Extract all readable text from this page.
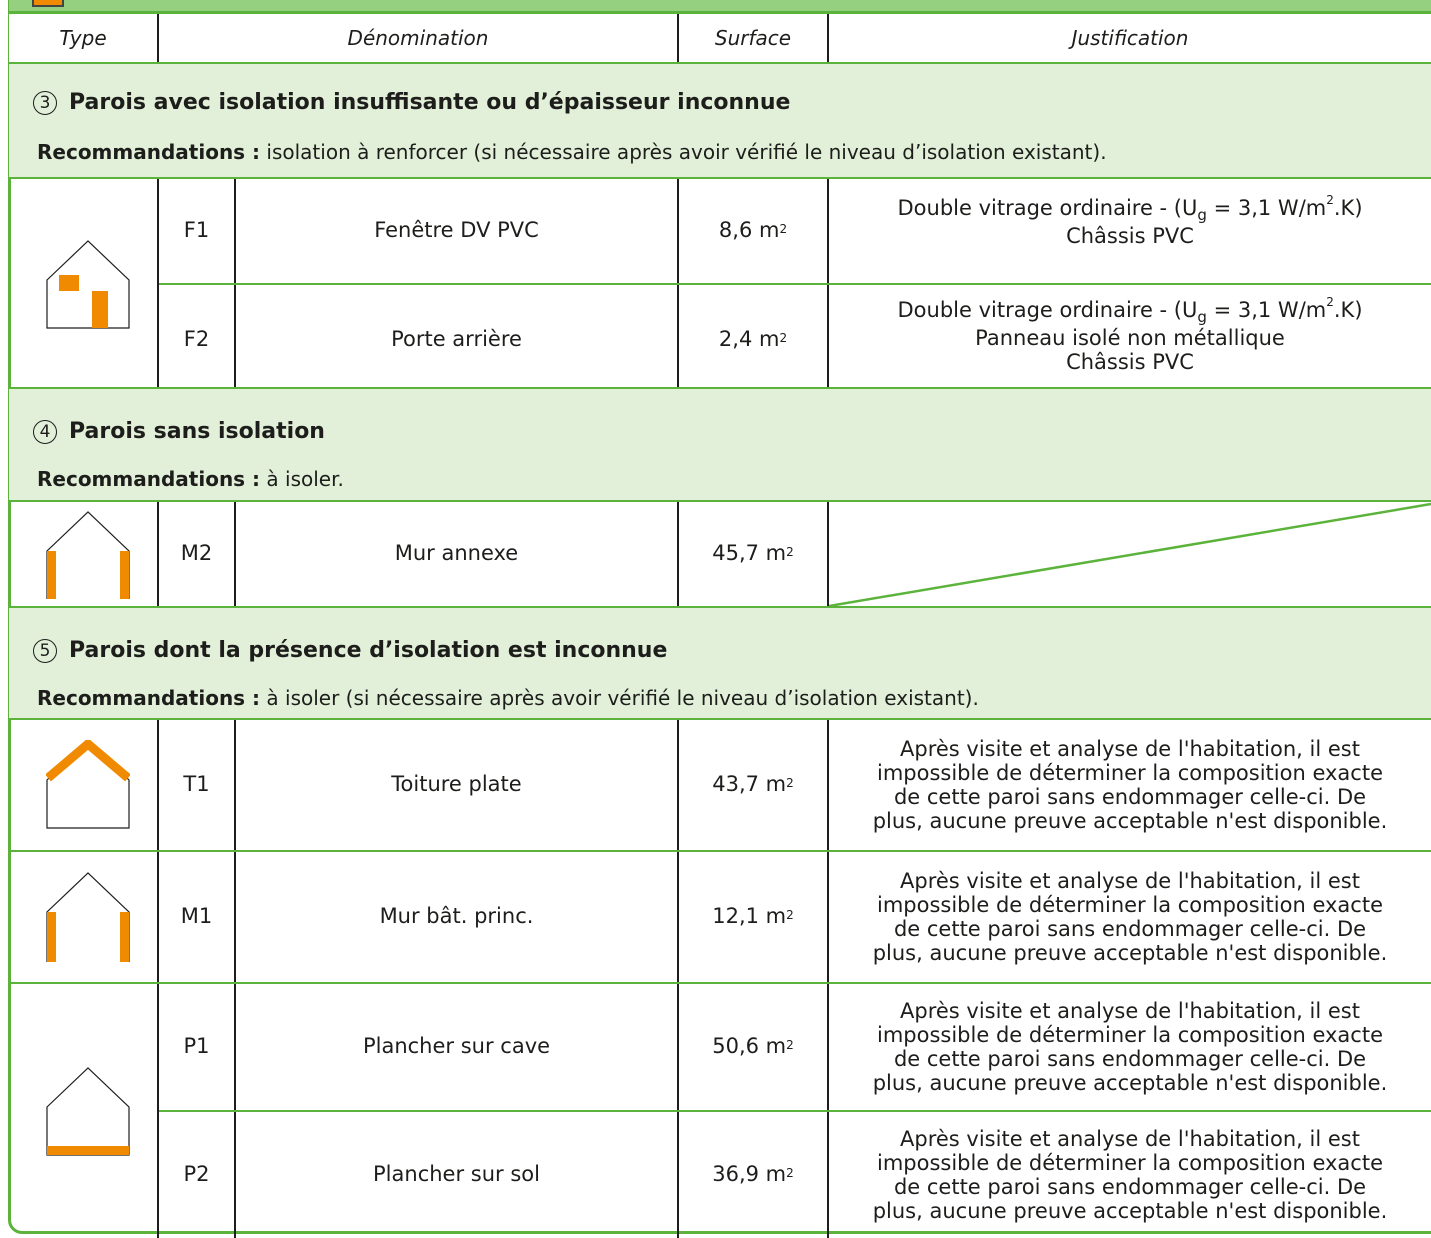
Type	Dénomination	Surface	Justification
3 Parois avec isolation insuffisante ou d’épaisseur inconnue
Recommandations : isolation à renforcer (si nécessaire après avoir vérifié le niveau d’isolation existant).
F1	Fenêtre DV PVC	8,6 $m^2$
Double vitrage ordinaire - ($U_g = 3,1$ $W/m^2.K$)
Châssis PVC
F2	Porte arrière	2,4 $m^2$
Double vitrage ordinaire - ($U_g = 3,1$ $W/m^2.K$)
Panneau isolé non métallique
Châssis PVC
4 Parois sans isolation
Recommandations : à isoler.
M2	Mur annexe	45,7 $m^2$
5 Parois dont la présence d’isolation est inconnue
Recommandations : à isoler (si nécessaire après avoir vérifié le niveau d’isolation existant).
T1	Toiture plate	43,7 $m^2$
Après visite et analyse de l'habitation, il est
impossible de déterminer la composition exacte
de cette paroi sans endommager celle-ci. De
plus, aucune preuve acceptable n'est disponible.
M1	Mur bât. princ.	12,1 $m^2$
Après visite et analyse de l'habitation, il est
impossible de déterminer la composition exacte
de cette paroi sans endommager celle-ci. De
plus, aucune preuve acceptable n'est disponible.
P1	Plancher sur cave	50,6 $m^2$
Après visite et analyse de l'habitation, il est
impossible de déterminer la composition exacte
de cette paroi sans endommager celle-ci. De
plus, aucune preuve acceptable n'est disponible.
P2	Plancher sur sol	36,9 $m^2$
Après visite et analyse de l'habitation, il est
impossible de déterminer la composition exacte
de cette paroi sans endommager celle-ci. De
plus, aucune preuve acceptable n'est disponible.
